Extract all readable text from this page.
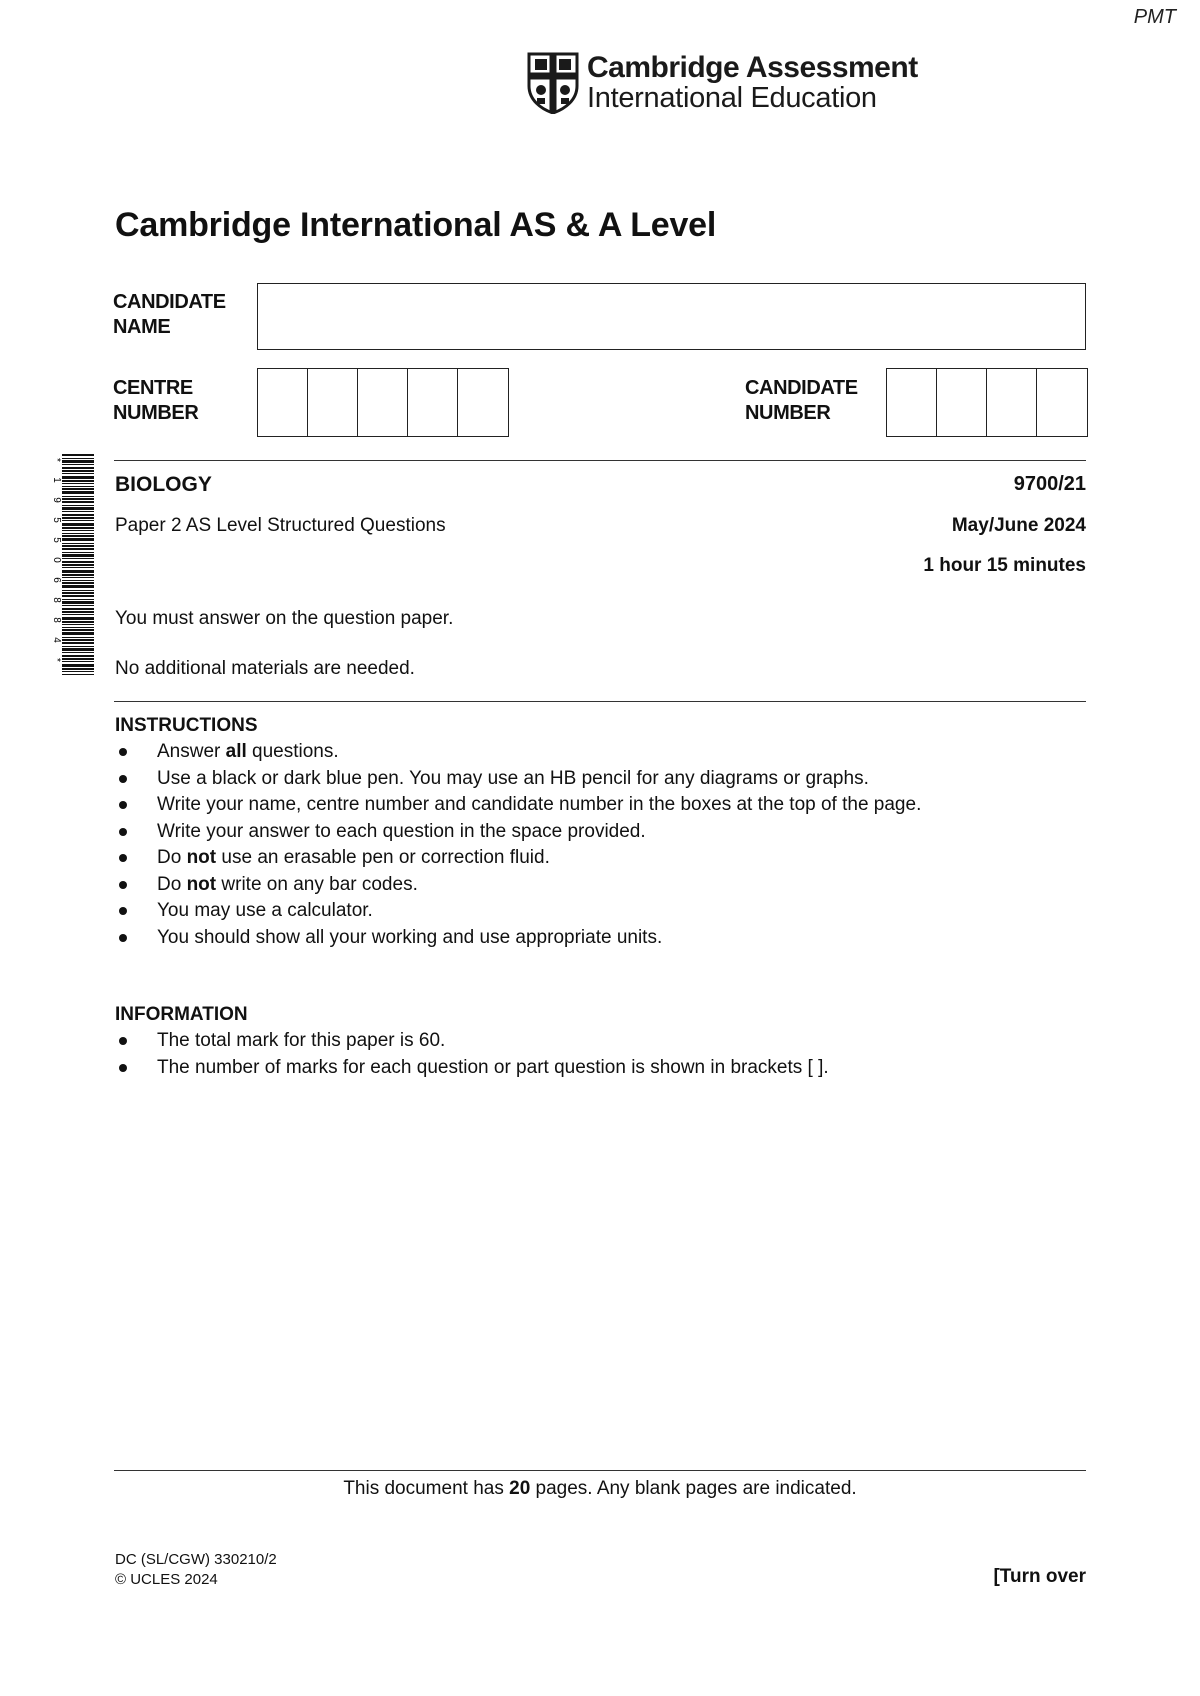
PMT
Cambridge Assessment
International Education
Cambridge International AS & A Level
CANDIDATE
NAME
CENTRE
NUMBER
CANDIDATE
NUMBER
*
1
9
5
5
0
6
8
8
4
*
BIOLOGY	9700/21
Paper 2 AS Level Structured Questions	May/June 2024
1 hour 15 minutes
You must answer on the question paper.
No additional materials are needed.
INSTRUCTIONS
Answer all questions.
Use a black or dark blue pen. You may use an HB pencil for any diagrams or graphs.
Write your name, centre number and candidate number in the boxes at the top of the page.
Write your answer to each question in the space provided.
Do not use an erasable pen or correction fluid.
Do not write on any bar codes.
You may use a calculator.
You should show all your working and use appropriate units.
INFORMATION
The total mark for this paper is 60.
The number of marks for each question or part question is shown in brackets [ ].
This document has 20 pages. Any blank pages are indicated.
DC (SL/CGW) 330210/2
© UCLES 2024	[Turn over
